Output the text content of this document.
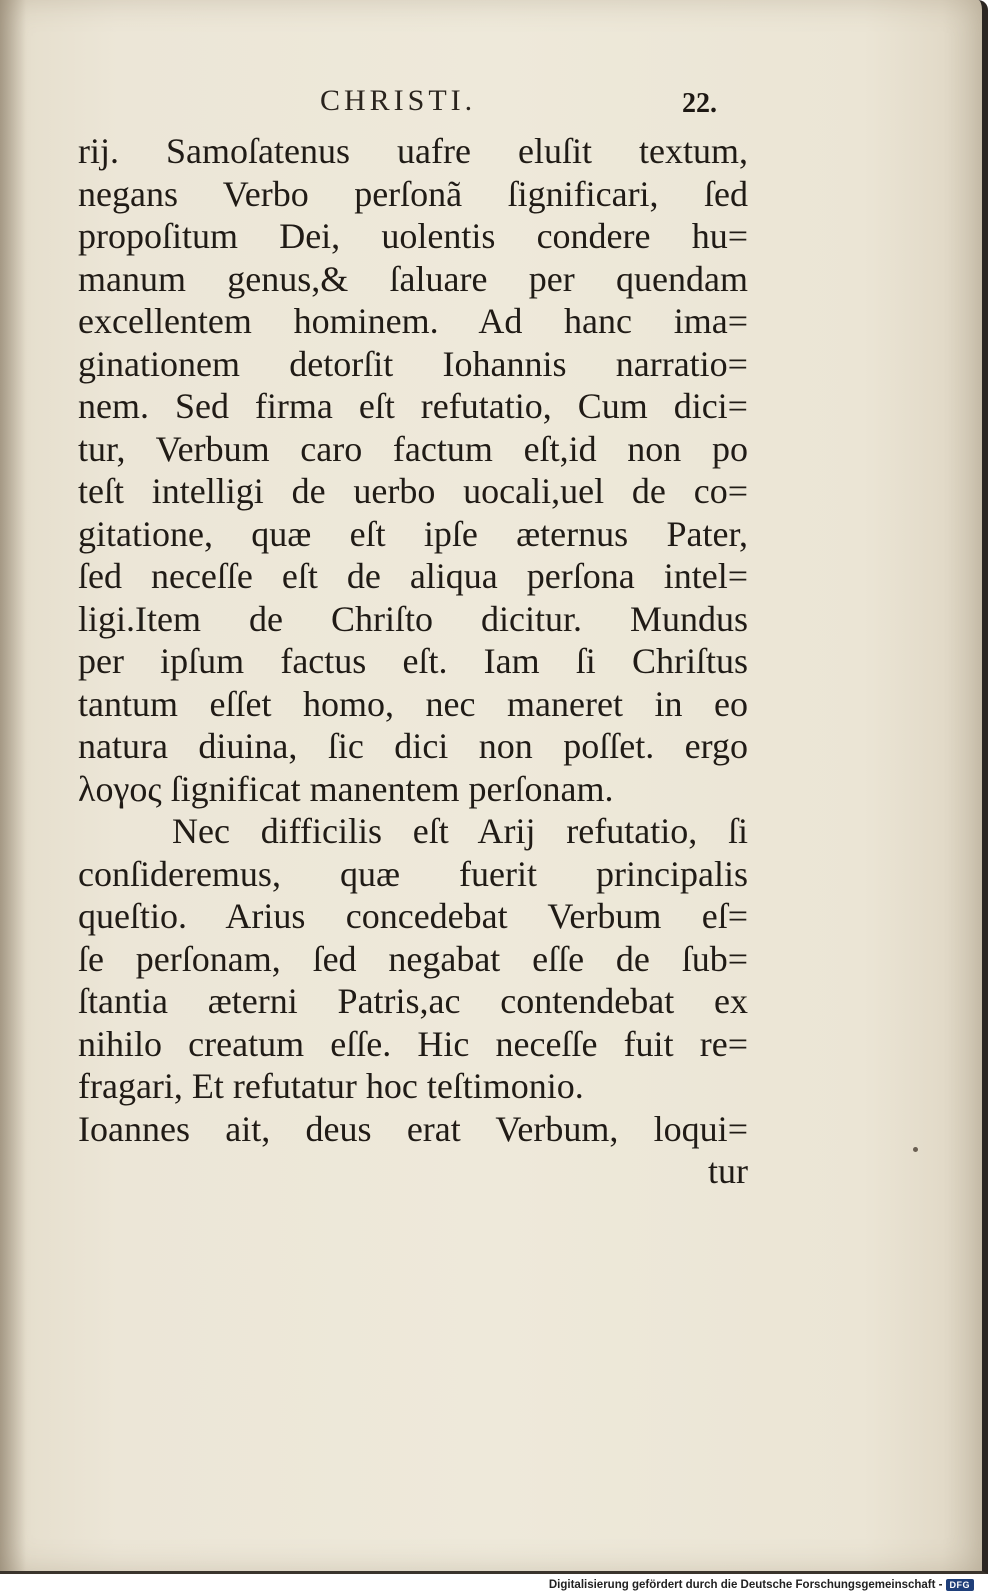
CHRISTI.	22.
rij. Samoſatenus uafre eluſit textum,
negans Verbo perſonã ſignificari, ſed
propoſitum Dei, uolentis condere hu=
manum genus,& ſaluare per quendam
excellentem hominem. Ad hanc ima=
ginationem detorſit Iohannis narratio=
nem. Sed firma eſt refutatio, Cum dici=
tur, Verbum caro factum eſt,id non po
teſt intelligi de uerbo uocali,uel de co=
gitatione, quæ eſt ipſe æternus Pater,
ſed neceſſe eſt de aliqua perſona intel=
ligi.Item de Chriſto dicitur. Mundus
per ipſum factus eſt. Iam ſi Chriſtus
tantum eſſet homo, nec maneret in eo
natura diuina, ſic dici non poſſet. ergo
λογος ſignificat manentem perſonam.
Nec difficilis eſt Arij refutatio, ſi
conſideremus, quæ fuerit principalis
queſtio. Arius concedebat Verbum eſ=
ſe perſonam, ſed negabat eſſe de ſub=
ſtantia æterni Patris,ac contendebat ex
nihilo creatum eſſe. Hic neceſſe fuit re=
fragari, Et refutatur hoc teſtimonio.
Ioannes ait, deus erat Verbum, loqui=
tur
Digitalisierung gefördert durch die Deutsche Forschungsgemeinschaft - DFG
